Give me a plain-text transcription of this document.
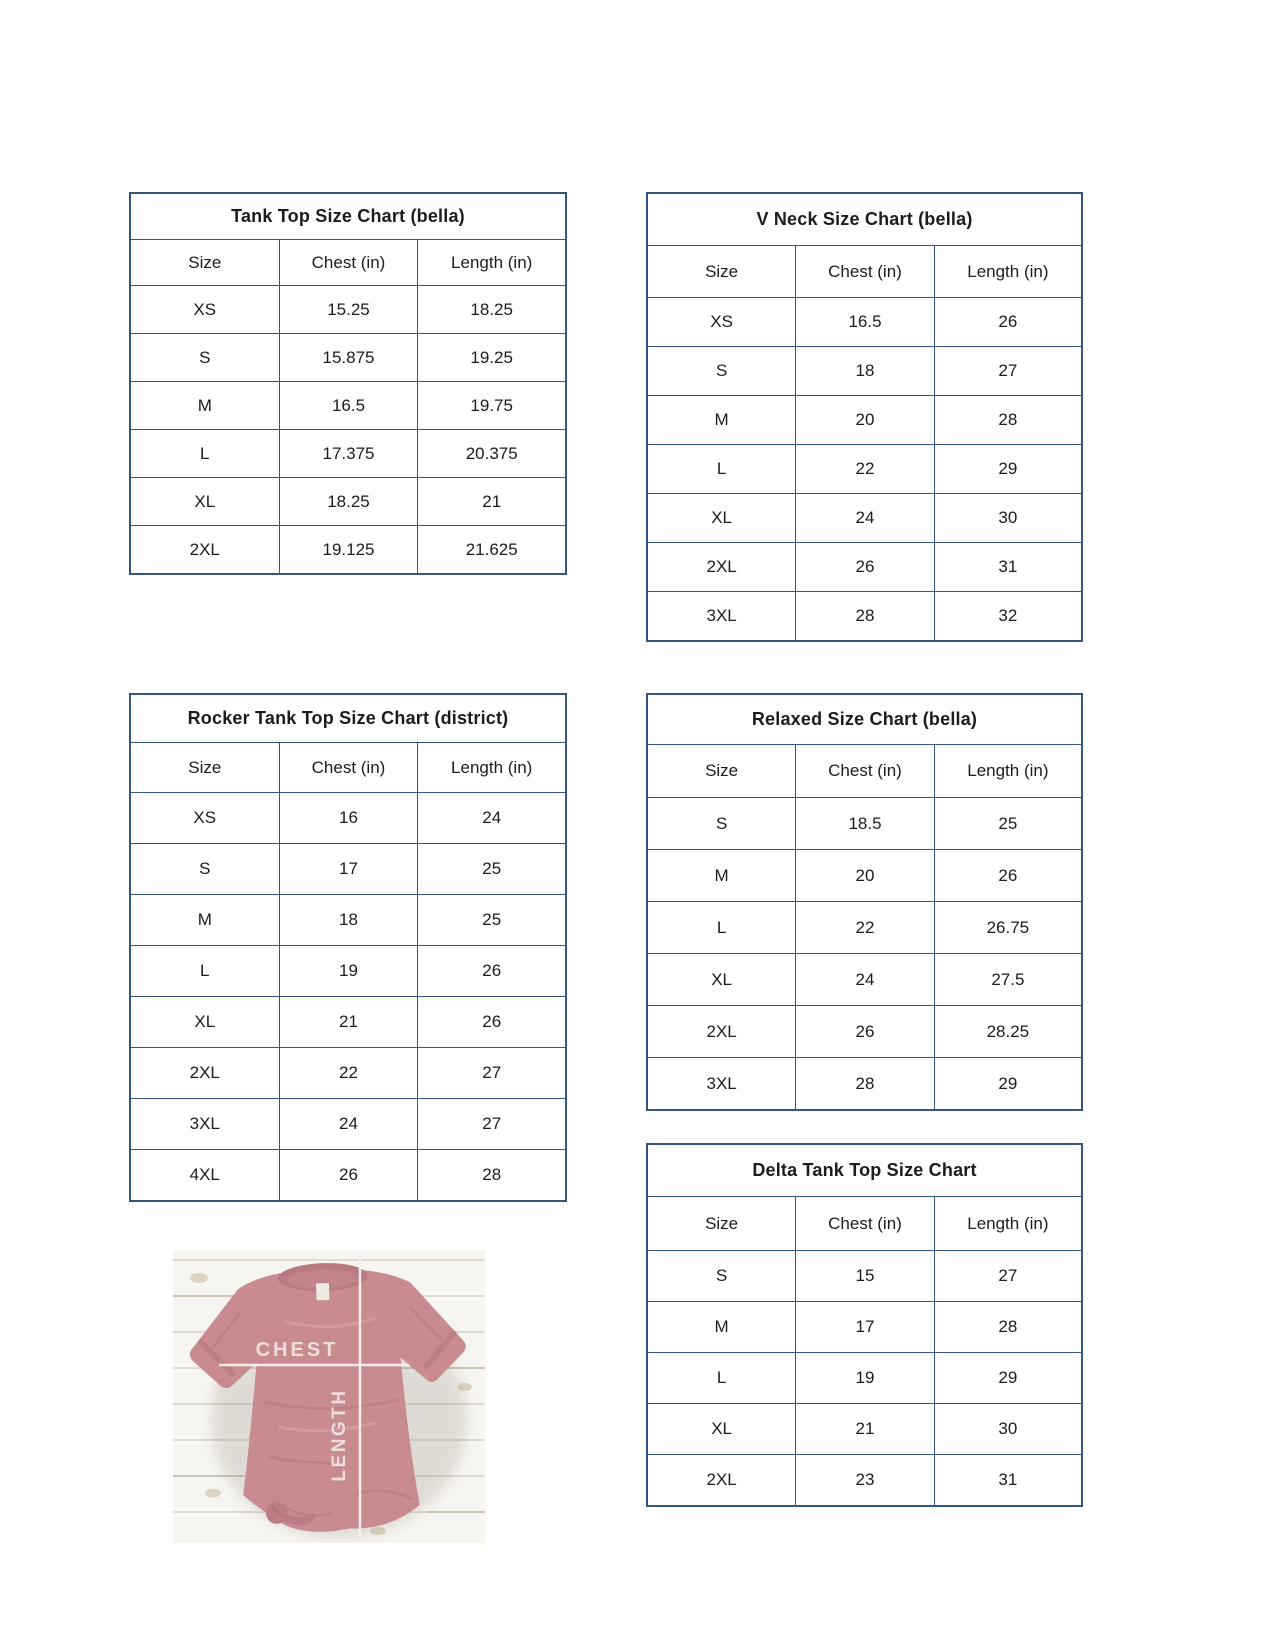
Tank Top Size Chart (bella)
Size	Chest (in)	Length (in)
XS	15.25	18.25
S	15.875	19.25
M	16.5	19.75
L	17.375	20.375
XL	18.25	21
2XL	19.125	21.625
V Neck Size Chart (bella)
Size	Chest (in)	Length (in)
XS	16.5	26
S	18	27
M	20	28
L	22	29
XL	24	30
2XL	26	31
3XL	28	32
Rocker Tank Top Size Chart (district)
Size	Chest (in)	Length (in)
XS	16	24
S	17	25
M	18	25
L	19	26
XL	21	26
2XL	22	27
3XL	24	27
4XL	26	28
Relaxed Size Chart (bella)
Size	Chest (in)	Length (in)
S	18.5	25
M	20	26
L	22	26.75
XL	24	27.5
2XL	26	28.25
3XL	28	29
Delta Tank Top Size Chart
Size	Chest (in)	Length (in)
S	15	27
M	17	28
L	19	29
XL	21	30
2XL	23	31
CHEST
LENGTH
